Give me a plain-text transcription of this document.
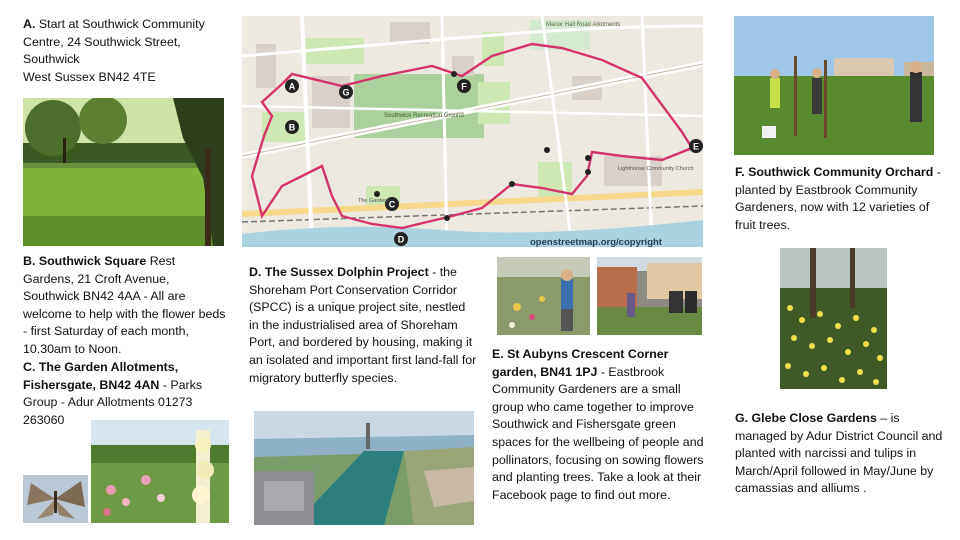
A. Start at Southwick Community
Centre, 24 Southwick Street,
Southwick
West Sussex BN42 4TE
B. Southwick Square Rest Gardens, 21 Croft Avenue, Southwick BN42 4AA - All are welcome to help with the flower beds - first Saturday of each month, 10.30am to Noon.
C. The Garden Allotments, Fishersgate, BN42 4AN - Parks Group - Adur Allotments 01273 263060
A
B
C
D
E
F
G
Southwick Recreation Ground
Manor Hall Road Allotments
The Gardens
Lighthouse Community Church
openstreetmap.org/copyright
D. The Sussex Dolphin Project - the Shoreham Port Conservation Corridor (SPCC) is a unique project site, nestled in the industrialised area of Shoreham Port, and bordered by housing, making it an isolated and important first land-fall for migratory butterfly species.
E. St Aubyns Crescent Corner garden, BN41 1PJ - Eastbrook Community Gardeners are a small group who came together to improve Southwick and Fishersgate green spaces for the wellbeing of people and pollinators, focusing on sowing flowers and planting trees. Take a look at their Facebook page to find out more.
F. Southwick Community Orchard - planted by Eastbrook Community Gardeners, now with 12 varieties of fruit trees.
G. Glebe Close Gardens – is managed by Adur District Council and planted with narcissi and tulips in March/April followed in May/June by camassias and alliums .
